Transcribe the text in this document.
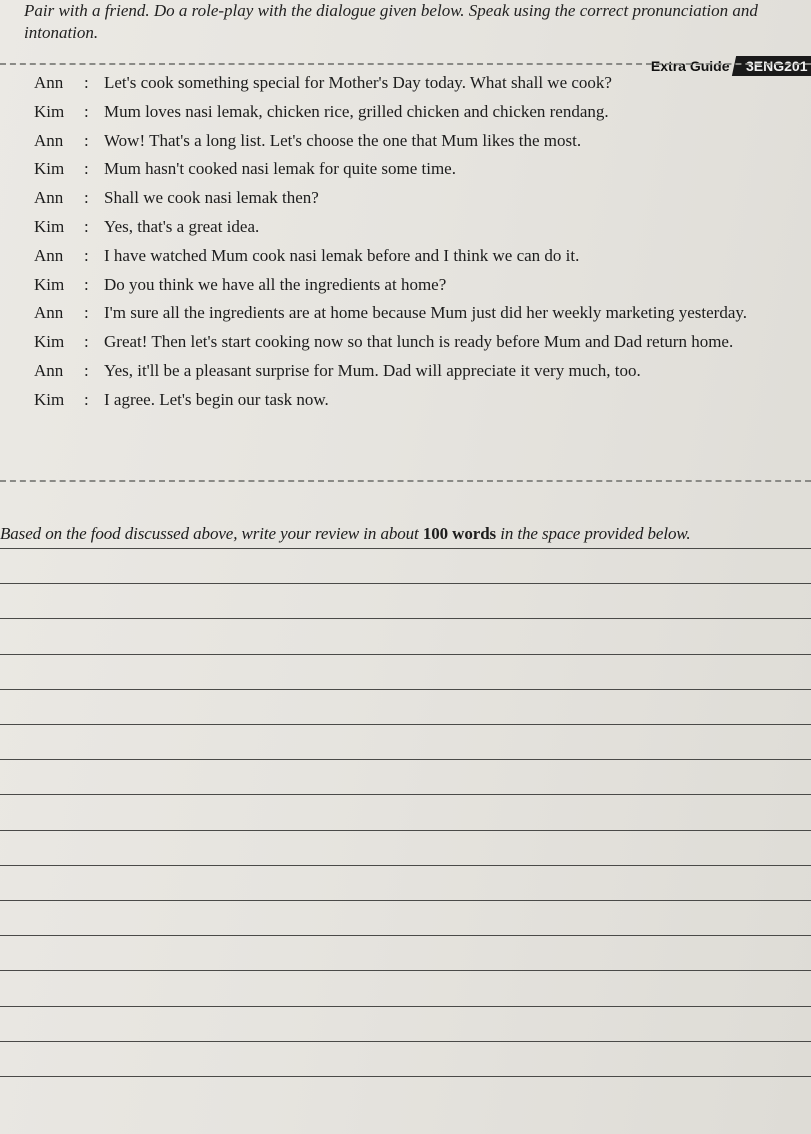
Pair with a friend. Do a role-play with the dialogue given below. Speak using the correct pronunciation and
intonation.
Extra Guide	3ENG201
Ann	: Let's cook something special for Mother's Day today. What shall we cook?
Kim	: Mum loves nasi lemak, chicken rice, grilled chicken and chicken rendang.
Ann	: Wow! That's a long list. Let's choose the one that Mum likes the most.
Kim	: Mum hasn't cooked nasi lemak for quite some time.
Ann	: Shall we cook nasi lemak then?
Kim	: Yes, that's a great idea.
Ann	: I have watched Mum cook nasi lemak before and I think we can do it.
Kim	: Do you think we have all the ingredients at home?
Ann	: I'm sure all the ingredients are at home because Mum just did her weekly marketing yesterday.
Kim	: Great! Then let's start cooking now so that lunch is ready before Mum and Dad return home.
Ann	: Yes, it'll be a pleasant surprise for Mum. Dad will appreciate it very much, too.
Kim	: I agree. Let's begin our task now.
Based on the food discussed above, write your review in about 100 words in the space provided below.
